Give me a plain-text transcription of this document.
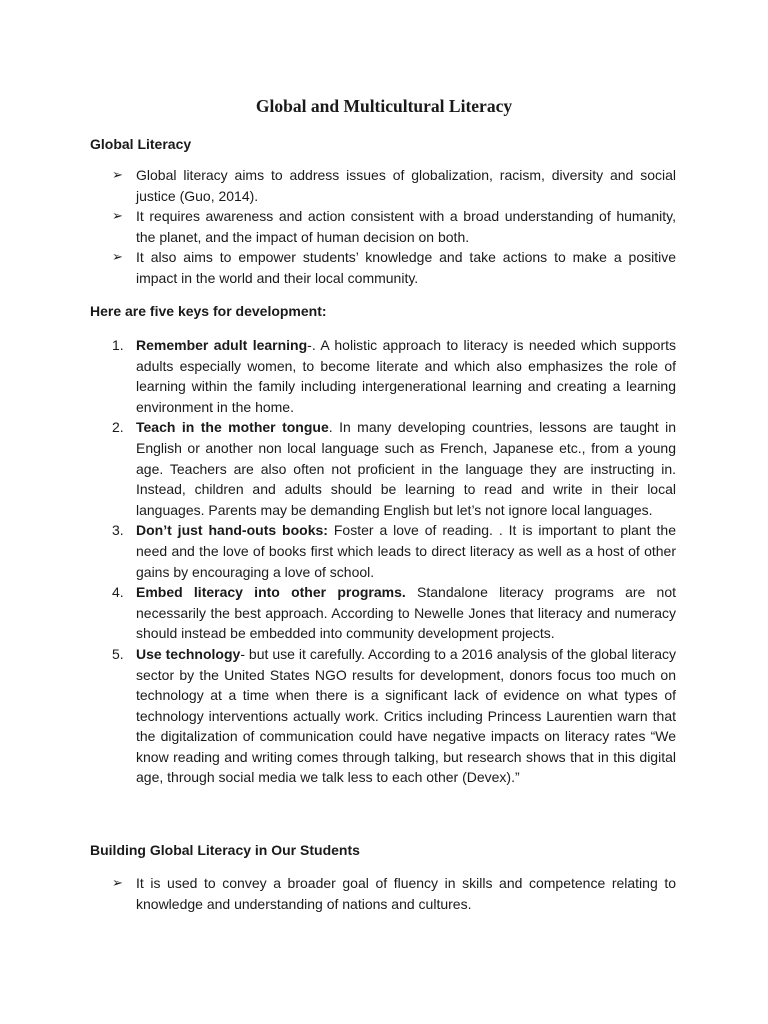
Global and Multicultural Literacy
Global Literacy
➢ Global literacy aims to address issues of globalization, racism, diversity and social justice (Guo, 2014).
➢ It requires awareness and action consistent with a broad understanding of humanity, the planet, and the impact of human decision on both.
➢ It also aims to empower students’ knowledge and take actions to make a positive impact in the world and their local community.
Here are five keys for development:
1. Remember adult learning-. A holistic approach to literacy is needed which supports adults especially women, to become literate and which also emphasizes the role of learning within the family including intergenerational learning and creating a learning environment in the home.
2. Teach in the mother tongue. In many developing countries, lessons are taught in English or another non local language such as French, Japanese etc., from a young age. Teachers are also often not proficient in the language they are instructing in. Instead, children and adults should be learning to read and write in their local languages. Parents may be demanding English but let’s not ignore local languages.
3. Don’t just hand-outs books: Foster a love of reading. . It is important to plant the need and the love of books first which leads to direct literacy as well as a host of other gains by encouraging a love of school.
4. Embed literacy into other programs. Standalone literacy programs are not necessarily the best approach. According to Newelle Jones that literacy and numeracy should instead be embedded into community development projects.
5. Use technology- but use it carefully. According to a 2016 analysis of the global literacy sector by the United States NGO results for development, donors focus too much on technology at a time when there is a significant lack of evidence on what types of technology interventions actually work. Critics including Princess Laurentien warn that the digitalization of communication could have negative impacts on literacy rates “We know reading and writing comes through talking, but research shows that in this digital age, through social media we talk less to each other (Devex).”
Building Global Literacy in Our Students
➢ It is used to convey a broader goal of fluency in skills and competence relating to knowledge and understanding of nations and cultures.
